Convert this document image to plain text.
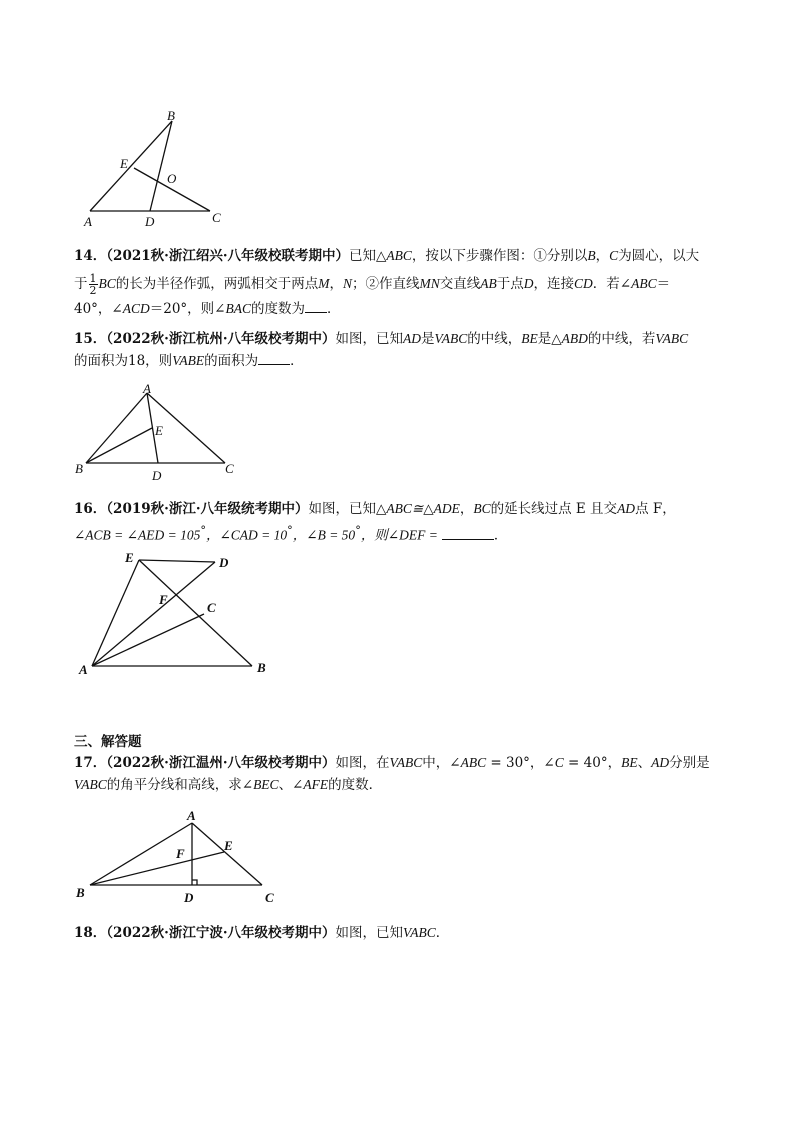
B
E
O
A	D	C
14．（2021秋·浙江绍兴·八年级校联考期中）已知△ABC，按以下步骤作图：①分别以B，C为圆心，以大
于 $\frac{1}{2}$ BC的长为半径作弧，两弧相交于两点M，N；②作直线MN交直线AB于点D，连接CD．若∠ABC＝
40°，∠ACD＝20°，则∠BAC的度数为 ．
15．（2022秋·浙江杭州·八年级校考期中）如图，已知AD是VABC的中线，BE是△ABD的中线，若VABC
的面积为18，则VABE的面积为 ．
A
E
B	D	C
16．（2019秋·浙江·八年级统考期中）如图，已知△ABC≅△ADE，BC的延长线过点 E 且交AD点 F，
∠ACB = ∠AED = 105°，∠CAD = 10°，∠B = 50°，则∠DEF =	．
E	D
F
C
A	B
三、解答题
17．（2022秋·浙江温州·八年级校考期中）如图，在VABC中，∠ABC = 30°，∠C = 40°，BE、AD分别是
VABC的角平分线和高线，求∠BEC、∠AFE的度数．
A
E
F
B	D	C
18．（2022秋·浙江宁波·八年级校考期中）如图，已知VABC．
